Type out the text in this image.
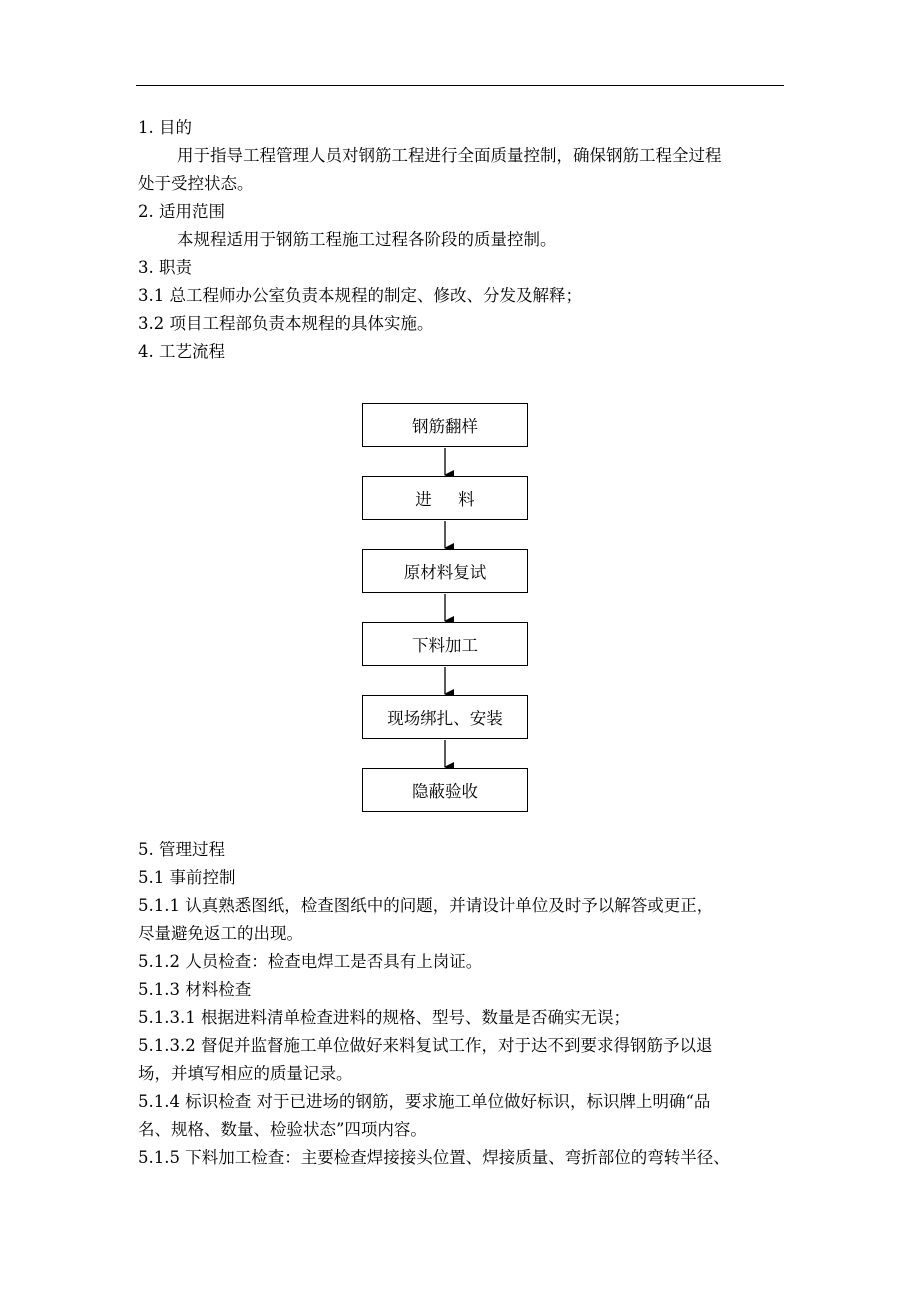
1. 目的
用于指导工程管理人员对钢筋工程进行全面质量控制，确保钢筋工程全过程
处于受控状态。
2. 适用范围
本规程适用于钢筋工程施工过程各阶段的质量控制。
3. 职责
3.1 总工程师办公室负责本规程的制定、修改、分发及解释；
3.2 项目工程部负责本规程的具体实施。
4. 工艺流程
钢筋翻样
进料
原材料复试
下料加工
现场绑扎、安装
隐蔽验收
5. 管理过程
5.1 事前控制
5.1.1 认真熟悉图纸，检查图纸中的问题，并请设计单位及时予以解答或更正，
尽量避免返工的出现。
5.1.2 人员检查：检查电焊工是否具有上岗证。
5.1.3 材料检查
5.1.3.1 根据进料清单检查进料的规格、型号、数量是否确实无误；
5.1.3.2 督促并监督施工单位做好来料复试工作，对于达不到要求得钢筋予以退
场，并填写相应的质量记录。
5.1.4 标识检查 对于已进场的钢筋，要求施工单位做好标识，标识牌上明确“品
名、规格、数量、检验状态”四项内容。
5.1.5 下料加工检查：主要检查焊接接头位置、焊接质量、弯折部位的弯转半径、
